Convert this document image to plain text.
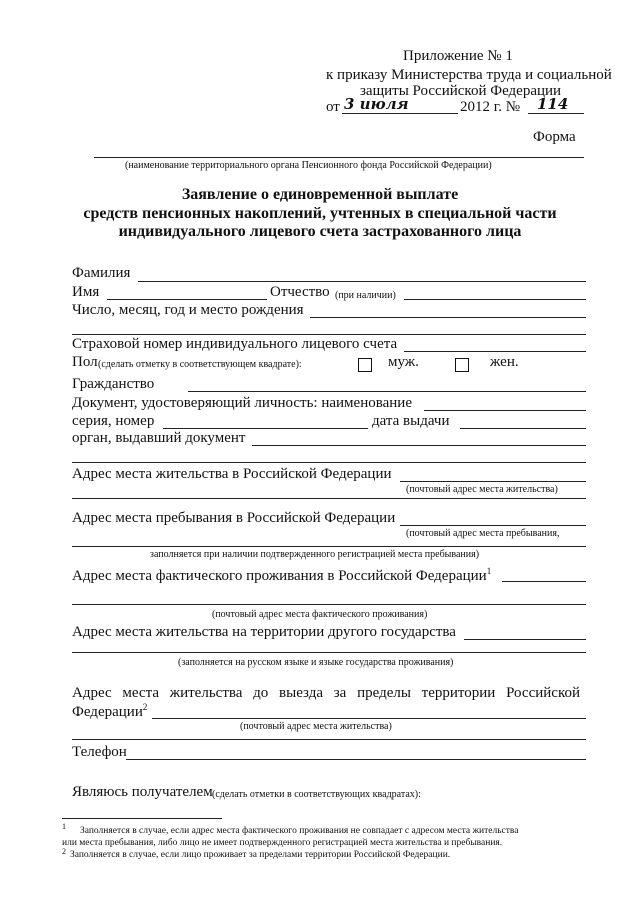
Приложение № 1
к приказу Министерства труда и социальной
защиты Российской Федерации
от 3 июля	2012 г. № 114
Форма
(наименование территориального органа Пенсионного фонда Российской Федерации)
Заявление о единовременной выплате
средств пенсионных накоплений, учтенных в специальной части
индивидуального лицевого счета застрахованного лица
Фамилия
Имя	Отчество (при наличии)
Число, месяц, год и место рождения
Страховой номер индивидуального лицевого счета
Пол (сделать отметку в соответствующем квадрате):	муж.	жен.
Гражданство
Документ, удостоверяющий личность: наименование
серия, номер	дата выдачи
орган, выдавший документ
Адрес места жительства в Российской Федерации
(почтовый адрес места жительства)
Адрес места пребывания в Российской Федерации
(почтовый адрес места пребывания,
заполняется при наличии подтвержденного регистрацией места пребывания)
Адрес места фактического проживания в Российской Федерации$^1$
(почтовый адрес места фактического проживания)
Адрес места жительства на территории другого государства
(заполняется на русском языке и языке государства проживания)
Адрес места жительства до выезда за пределы территории Российской
Федерации$^2$
(почтовый адрес места жительства)
Телефон
Являюсь получателем (сделать отметки в соответствующих квадратах):
1 Заполняется в случае, если адрес места фактического проживания не совпадает с адресом места жительства
или места пребывания, либо лицо не имеет подтвержденного регистрацией места жительства и пребывания.
2 Заполняется в случае, если лицо проживает за пределами территории Российской Федерации.
